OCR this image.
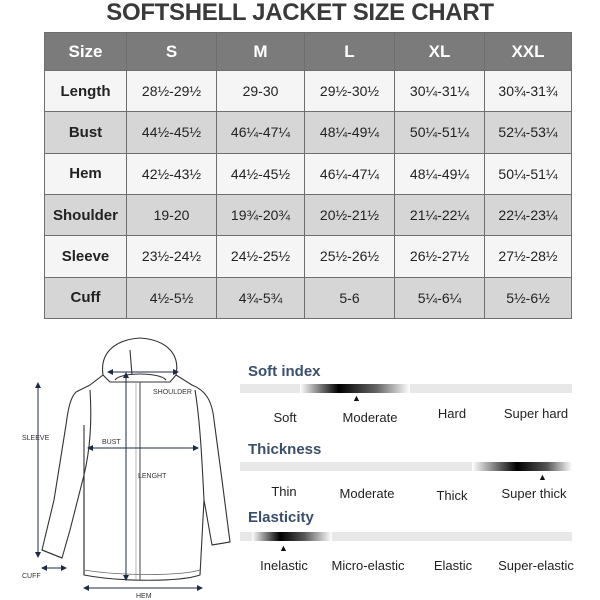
SOFTSHELL JACKET SIZE CHART
Size	S	M	L	XL	XXL
Length	28½-29½	29-30	29½-30½	30¼-31¼	30¾-31¾
Bust	44½-45½	46¼-47¼	48¼-49¼	50¼-51¼	52¼-53¼
Hem	42½-43½	44½-45½	46¼-47¼	48¼-49¼	50¼-51¼
Shoulder	19-20	19¾-20¾	20½-21½	21¼-22¼	22¼-23¼
Sleeve	23½-24½	24½-25½	25½-26½	26½-27½	27½-28½
Cuff	4½-5½	4¾-5¾	5-6	5¼-6¼	5½-6½
SHOULDER
BUST
LENGHT
SLEEVE
CUFF
HEM
Soft index
▲
Soft	Moderate	Hard	Super hard
Thickness
▲
Thin	Moderate	Thick	Super thick
Elasticity
▲
Inelastic Micro-elastic Elastic Super-elastic
